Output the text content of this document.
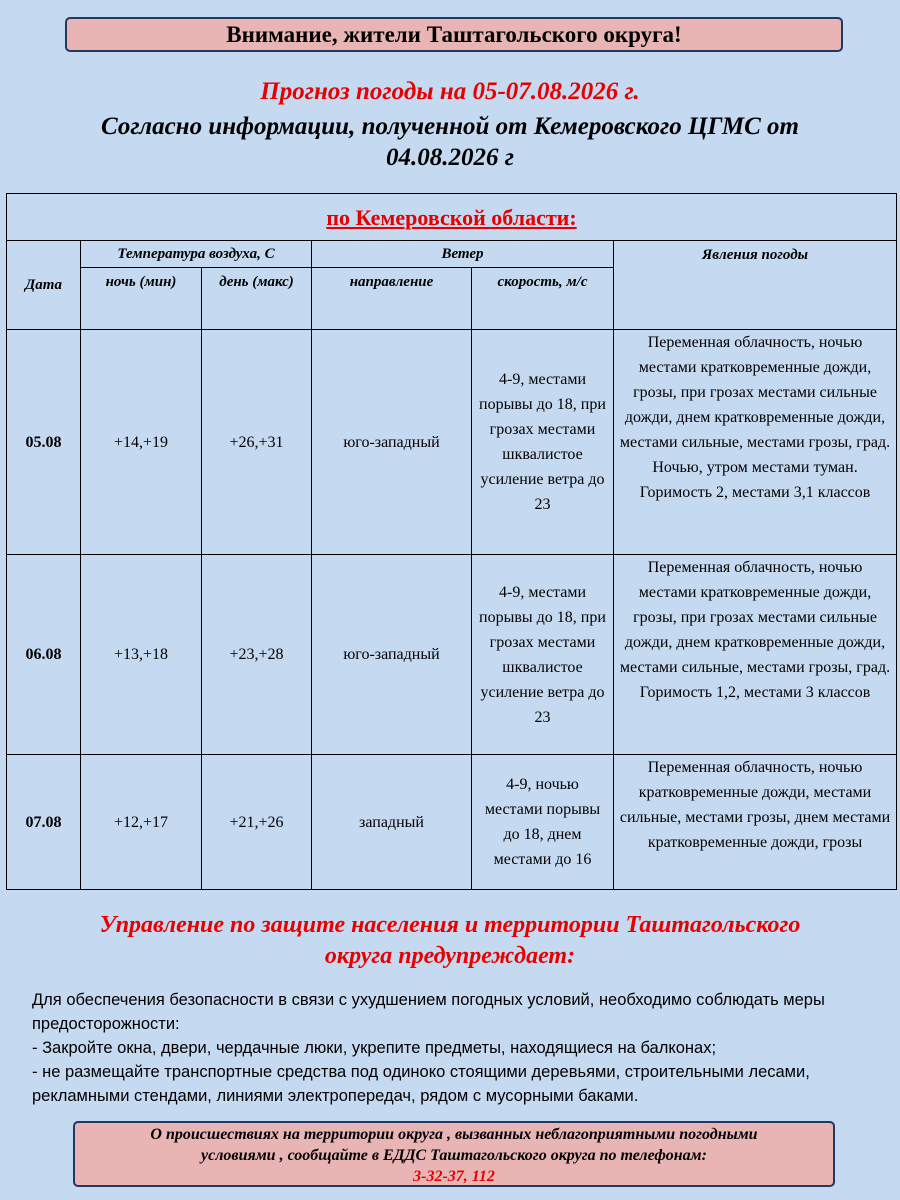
Внимание, жители Таштагольского округа!
Прогноз погоды на 05-07.08.2026 г.
Согласно информации, полученной от Кемеровского ЦГМС от
04.08.2026 г
по Кемеровской области:					
Дата	Температура воздуха, С		Ветер		Явления погоды
	ночь (мин)	день (макс)	направление	скорость, м/с	
05.08	+14,+19	+26,+31	юго-западный	4-9, местами порывы до 18, при грозах местами шквалистое усиление ветра до 23	Переменная облачность, ночью местами кратковременные дожди, грозы, при грозах местами сильные дожди, днем кратковременные дожди, местами сильные, местами грозы, град. Ночью, утром местами туман. Горимость 2, местами 3,1 классов
06.08	+13,+18	+23,+28	юго-западный	4-9, местами порывы до 18, при грозах местами шквалистое усиление ветра до 23	Переменная облачность, ночью местами кратковременные дожди, грозы, при грозах местами сильные дожди, днем кратковременные дожди, местами сильные, местами грозы, град. Горимость 1,2, местами 3 классов
07.08	+12,+17	+21,+26	западный	4-9, ночью местами порывы до 18, днем местами до 16	Переменная облачность, ночью кратковременные дожди, местами сильные, местами грозы, днем местами кратковременные дожди, грозы
Управление по защите населения и территории Таштагольского
округа предупреждает:

Для обеспечения безопасности в связи с ухудшением погодных условий, необходимо соблюдать меры предосторожности:

- Закройте окна, двери, чердачные люки, укрепите предметы, находящиеся на балконах;

- не размещайте транспортные средства под одиноко стоящими деревьями, строительными лесами, рекламными стендами, линиями электропередач, рядом с мусорными баками.

О происшествиях на территории округа , вызванных неблагоприятными погодными
условиями , сообщайте в ЕДДС Таштагольского округа по телефонам:
3-32-37, 112
